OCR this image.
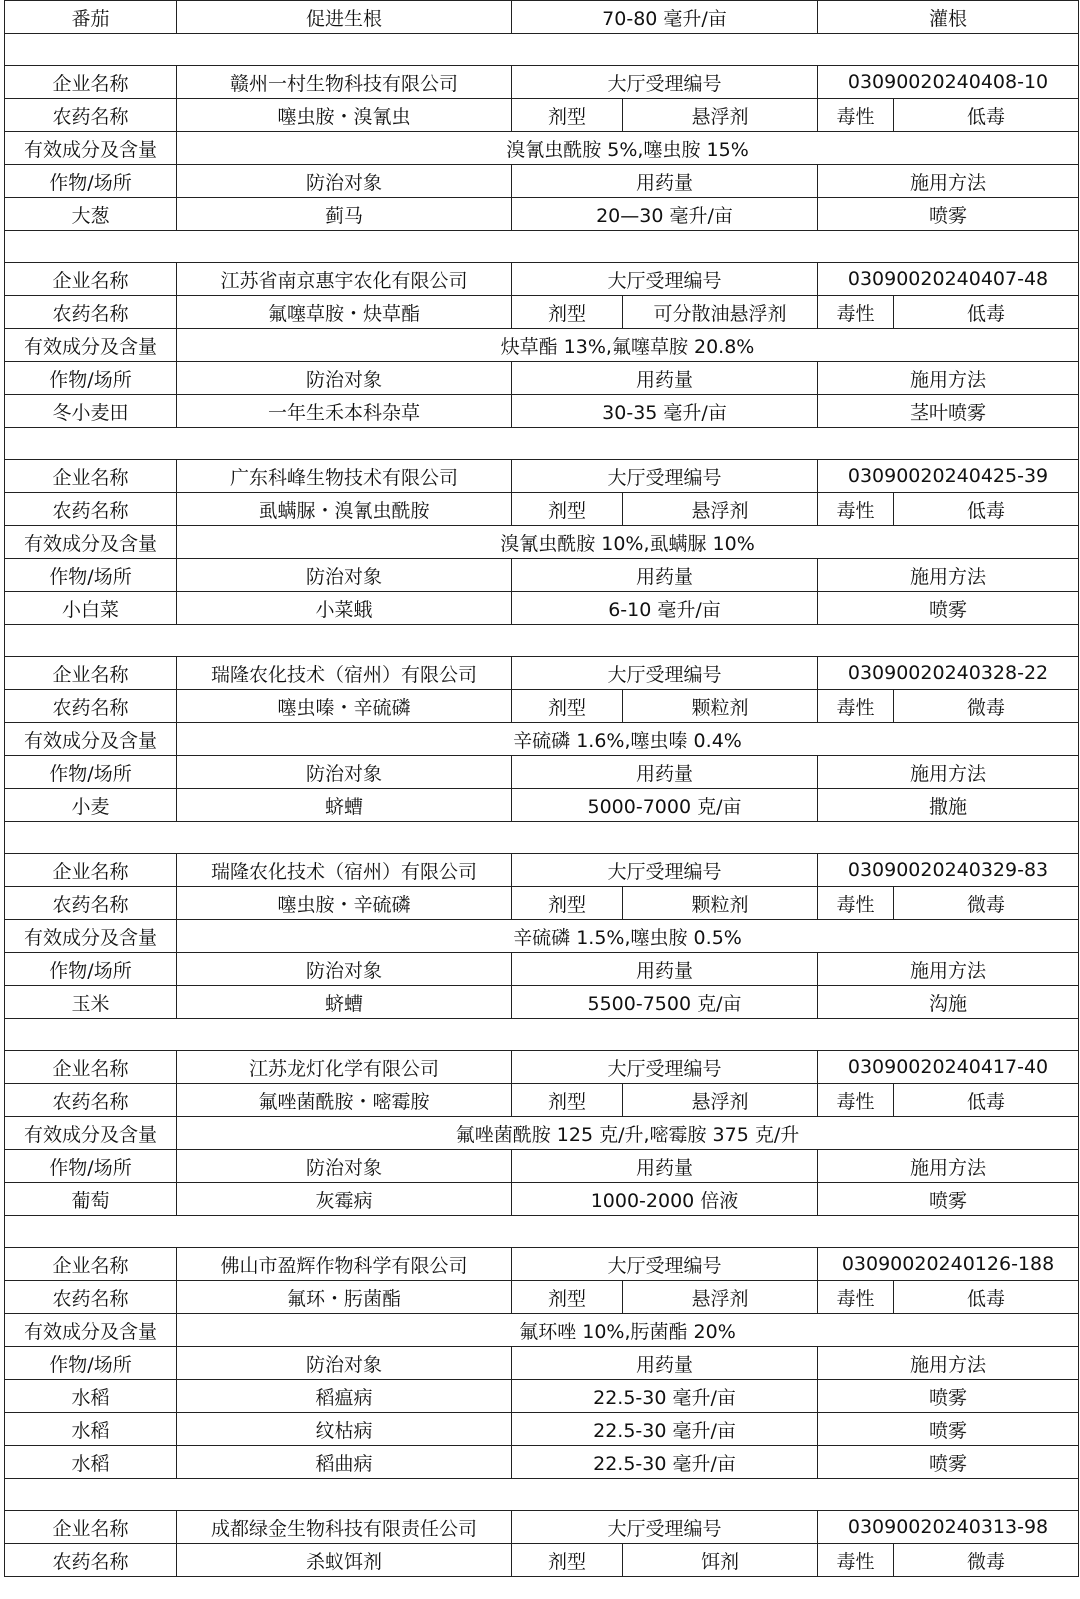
番茄	促进生根	70-80 毫升/亩		灌根	

企业名称	赣州一村生物科技有限公司	大厅受理编号		03090020240408-10	
农药名称	噻虫胺・溴氰虫	剂型	悬浮剂	毒性	低毒
有效成分及含量	溴氰虫酰胺 5%,噻虫胺 15%				
作物/场所	防治对象	用药量		施用方法	
大葱	蓟马	20—30 毫升/亩		喷雾	

企业名称	江苏省南京惠宇农化有限公司	大厅受理编号		03090020240407-48	
农药名称	氟噻草胺・炔草酯	剂型	可分散油悬浮剂	毒性	低毒
有效成分及含量	炔草酯 13%,氟噻草胺 20.8%				
作物/场所	防治对象	用药量		施用方法	
冬小麦田	一年生禾本科杂草	30-35 毫升/亩		茎叶喷雾	

企业名称	广东科峰生物技术有限公司	大厅受理编号		03090020240425-39	
农药名称	虱螨脲・溴氰虫酰胺	剂型	悬浮剂	毒性	低毒
有效成分及含量	溴氰虫酰胺 10%,虱螨脲 10%				
作物/场所	防治对象	用药量		施用方法	
小白菜	小菜蛾	6-10 毫升/亩		喷雾	

企业名称	瑞隆农化技术（宿州）有限公司	大厅受理编号		03090020240328-22	
农药名称	噻虫嗪・辛硫磷	剂型	颗粒剂	毒性	微毒
有效成分及含量	辛硫磷 1.6%,噻虫嗪 0.4%				
作物/场所	防治对象	用药量		施用方法	
小麦	蛴螬	5000-7000 克/亩		撒施	

企业名称	瑞隆农化技术（宿州）有限公司	大厅受理编号		03090020240329-83	
农药名称	噻虫胺・辛硫磷	剂型	颗粒剂	毒性	微毒
有效成分及含量	辛硫磷 1.5%,噻虫胺 0.5%				
作物/场所	防治对象	用药量		施用方法	
玉米	蛴螬	5500-7500 克/亩		沟施	

企业名称	江苏龙灯化学有限公司	大厅受理编号		03090020240417-40	
农药名称	氟唑菌酰胺・嘧霉胺	剂型	悬浮剂	毒性	低毒
有效成分及含量	氟唑菌酰胺 125 克/升,嘧霉胺 375 克/升				
作物/场所	防治对象	用药量		施用方法	
葡萄	灰霉病	1000-2000 倍液		喷雾	

企业名称	佛山市盈辉作物科学有限公司	大厅受理编号		03090020240126-188	
农药名称	氟环・肟菌酯	剂型	悬浮剂	毒性	低毒
有效成分及含量	氟环唑 10%,肟菌酯 20%				
作物/场所	防治对象	用药量		施用方法	
水稻	稻瘟病	22.5-30 毫升/亩		喷雾	
水稻	纹枯病	22.5-30 毫升/亩		喷雾	
水稻	稻曲病	22.5-30 毫升/亩		喷雾	

企业名称	成都绿金生物科技有限责任公司	大厅受理编号		03090020240313-98	
农药名称	杀蚁饵剂	剂型	饵剂	毒性	微毒
